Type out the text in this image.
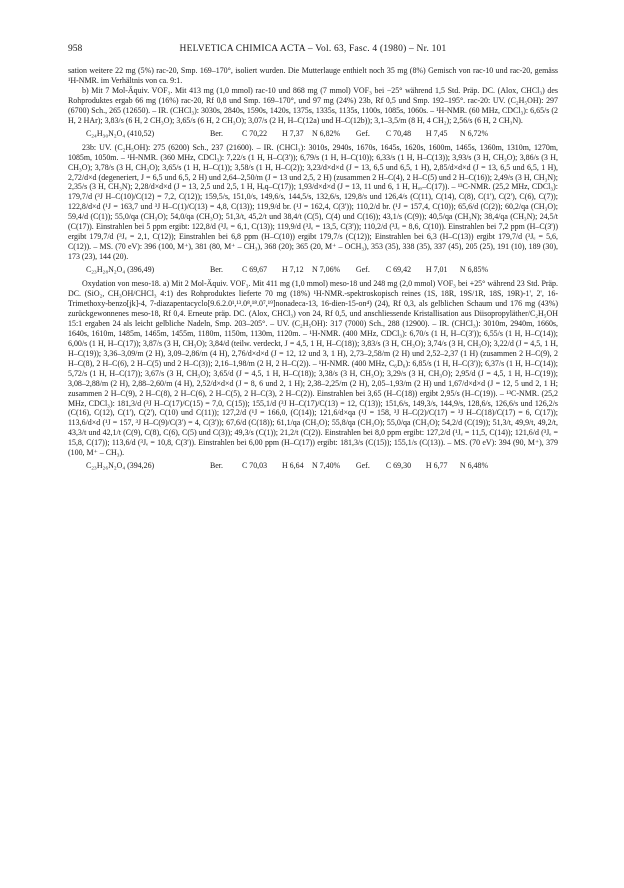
958	HELVETICA CHIMICA ACTA – Vol. 63, Fasc. 4 (1980) – Nr. 101

sation weitere 22 mg (5%) rac-20, Smp. 169–170°, isoliert wurden. Die Mutterlauge enthielt noch 35 mg (8%) Gemisch von rac-10 und rac-20, gemäss ¹H-NMR. im Verhältnis von ca. 9:1.

b) Mit 7 Mol-Äquiv. VOF₃. Mit 413 mg (1,0 mmol) rac-10 und 868 mg (7 mmol) VOF₃ bei −25° während 1,5 Std. Präp. DC. (Alox, CHCl₃) des Rohproduktes ergab 66 mg (16%) rac-20, Rf 0,8 und Smp. 169–170°, und 97 mg (24%) 23b, Rf 0,5 und Smp. 192–195°. rac-20: UV. (C₂H₅OH): 297 (6700) Sch., 265 (12650). – IR. (CHCl₃): 3030s, 2840s, 1590s, 1420s, 1375s, 1335s, 1135s, 1100s, 1085s, 1060s. – ¹H-NMR. (60 MHz, CDCl₃): 6,65/s (2 H, 2 HAr); 3,83/s (6 H, 2 CH₃O); 3,65/s (6 H, 2 CH₃O); 3,07/s (2 H, H–C(12a) und H–C(12b)); 3,1–3,5/m (8 H, 4 CH₂); 2,56/s (6 H, 2 CH₃N).

C₂₄H₃₀N₂O₄ (410,52)	Ber. C 70,22 H 7,37 N 6,82% Gef. C 70,48 H 7,45 N 6,72%

23b: UV. (C₂H₅OH): 275 (6200) Sch., 237 (21600). – IR. (CHCl₃): 3010s, 2940s, 1670s, 1645s, 1620s, 1600m, 1465s, 1360m, 1310m, 1270m, 1085m, 1050m. – ¹H-NMR. (360 MHz, CDCl₃): 7,22/s (1 H, H–C(3')); 6,79/s (1 H, H–C(10)); 6,33/s (1 H, H–C(13)); 3,93/s (3 H, CH₃O); 3,86/s (3 H, CH₃O); 3,78/s (3 H, CH₃O); 3,65/s (1 H, H–C(1)); 3,58/s (1 H, H–C(2)); 3,23/d×d×d (J = 13, 6,5 und 6,5, 1 H), 2,85/d×d×d (J = 13, 6,5 und 6,5, 1 H), 2,72/d×d (degeneriert, J = 6,5 und 6,5, 2 H) und 2,64–2,50/m (J = 13 und 2,5, 2 H) (zusammen 2 H–C(4), 2 H–C(5) und 2 H–C(16)); 2,49/s (3 H, CH₃N); 2,35/s (3 H, CH₃N); 2,28/d×d×d (J = 13, 2,5 und 2,5, 1 H, Hₑq–C(17)); 1,93/d×d×d (J = 13, 11 und 6, 1 H, Hₐₓ–C(17)). – ¹³C-NMR. (25,2 MHz, CDCl₃): 179,7/d (³J H–C(10)/C(12) = 7,2, C(12)); 159,5/s, 151,0/s, 149,6/s, 144,5/s, 132,6/s, 129,8/s und 126,4/s (C(11), C(14), C(8), C(1'), C(2'), C(6), C(7)); 122,8/d×d (¹J = 163,7 und ³J H–C(1)/C(13) = 4,8, C(13)); 119,9/d br. (¹J = 162,4, C(3')); 110,2/d br. (¹J = 157,4, C(10)); 65,6/d (C(2)); 60,2/qa (CH₃O); 59,4/d (C(1)); 55,0/qa (CH₃O); 54,0/qa (CH₃O); 51,3/t, 45,2/t und 38,4/t (C(5), C(4) und C(16)); 43,1/s (C(9)); 40,5/qa (CH₃N); 38,4/qa (CH₃N); 24,5/t (C(17)). Einstrahlen bei 5 ppm ergibt: 122,8/d (³Jₑ = 6,1, C(13)); 119,9/d (³Jₑ = 13,5, C(3')); 110,2/d (³Jₑ = 8,6, C(10)). Einstrahlen bei 7,2 ppm (H–C(3')) ergibt 179,7/d (³Jₑ = 2,1, C(12)); Einstrahlen bei 6,8 ppm (H–C(10)) ergibt 179,7/s (C(12)); Einstrahlen bei 6,3 (H–C(13)) ergibt 179,7/d (³Jₑ = 5,6, C(12)). – MS. (70 eV): 396 (100, M⁺), 381 (80, M⁺ – CH₃), 368 (20); 365 (20, M⁺ – OCH₃), 353 (35), 338 (35), 337 (45), 205 (25), 191 (10), 189 (30), 173 (23), 144 (20).

C₂₃H₂₈N₂O₄ (396,49)	Ber. C 69,67 H 7,12 N 7,06% Gef. C 69,42 H 7,01 N 6,85%

Oxydation von meso-18. a) Mit 2 Mol-Äquiv. VOF₃. Mit 411 mg (1,0 mmol) meso-18 und 248 mg (2,0 mmol) VOF₃ bei +25° während 23 Std. Präp. DC. (SiO₂, CH₃OH/CHCl₃ 4:1) des Rohproduktes lieferte 70 mg (18%) ¹H-NMR.-spektroskopisch reines (1S, 18R, 19S/1R, 18S, 19R)-1', 2', 16-Trimethoxy-benzo[jk]-4, 7-diazapentacyclo[9.6.2.0¹,¹³.0⁸,¹⁸.0⁷,¹⁹]nonadeca-13, 16-dien-15-on⁴) (24), Rf 0,3, als gelblichen Schaum und 176 mg (43%) zurückgewonnenes meso-18, Rf 0,4. Erneute präp. DC. (Alox, CHCl₃) von 24, Rf 0,5, und anschliessende Kristallisation aus Diisopropyläther/C₂H₅OH 15:1 ergaben 24 als leicht gelbliche Nadeln, Smp. 203–205°. – UV. (C₂H₅OH): 317 (7000) Sch., 288 (12900). – IR. (CHCl₃): 3010m, 2940m, 1660s, 1640s, 1610m, 1485m, 1465m, 1455m, 1180m, 1150m, 1130m, 1120m. – ¹H-NMR. (400 MHz, CDCl₃): 6,70/s (1 H, H–C(3')); 6,55/s (1 H, H–C(14)); 6,00/s (1 H, H–C(17)); 3,87/s (3 H, CH₃O); 3,84/d (teilw. verdeckt, J = 4,5, 1 H, H–C(18)); 3,83/s (3 H, CH₃O); 3,74/s (3 H, CH₃O); 3,22/d (J = 4,5, 1 H, H–C(19)); 3,36–3,09/m (2 H), 3,09–2,86/m (4 H), 2,76/d×d×d (J = 12, 12 und 3, 1 H), 2,73–2,58/m (2 H) und 2,52–2,37 (1 H) (zusammen 2 H–C(9), 2 H–C(8), 2 H–C(6), 2 H–C(5) und 2 H–C(3)); 2,16–1,98/m (2 H, 2 H–C(2)). – ¹H-NMR. (400 MHz, C₆D₆): 6,85/s (1 H, H–C(3')); 6,37/s (1 H, H–C(14)); 5,72/s (1 H, H–C(17)); 3,67/s (3 H, CH₃O); 3,65/d (J = 4,5, 1 H, H–C(18)); 3,38/s (3 H, CH₃O); 3,29/s (3 H, CH₃O); 2,95/d (J = 4,5, 1 H, H–C(19)); 3,08–2,88/m (2 H), 2,88–2,60/m (4 H), 2,52/d×d×d (J = 8, 6 und 2, 1 H); 2,38–2,25/m (2 H), 2,05–1,93/m (2 H) und 1,67/d×d×d (J = 12, 5 und 2, 1 H; zusammen 2 H–C(9), 2 H–C(8), 2 H–C(6), 2 H–C(5), 2 H–C(3), 2 H–C(2)). Einstrahlen bei 3,65 (H–C(18)) ergibt 2,95/s (H–C(19)). – ¹³C-NMR. (25,2 MHz, CDCl₃): 181,3/d (³J H–C(17)/C(15) = 7,0, C(15)); 155,1/d (³J H–C(17)/C(13) = 12, C(13)); 151,6/s, 149,3/s, 144,9/s, 128,6/s, 126,6/s und 126,2/s (C(16), C(12), C(1'), C(2'), C(10) und C(11)); 127,2/d (¹J = 166,0, (C(14)); 121,6/d×qa (¹J = 158, ³J H–C(2)/C(17) = ³J H–C(18)/C(17) = 6, C(17)); 113,6/d×d (¹J = 157, ³J H–C(9)/C(3') = 4, C(3')); 67,6/d (C(18)); 61,1/qa (CH₃O); 55,8/qa (CH₃O); 55,0/qa (CH₃O); 54,2/d (C(19)); 51,3/t, 49,9/t, 49,2/t, 43,3/t und 42,1/t (C(9), C(8), C(6), C(5) und C(3)); 49,3/s (C(1)); 21,2/t (C(2)). Einstrahlen bei 8,0 ppm ergibt: 127,2/d (¹Jₑ = 11,5, C(14)); 121,6/d (³Jₑ = 15,8, C(17)); 113,6/d (³Jₑ = 10,8, C(3')). Einstrahlen bei 6,00 ppm (H–C(17)) ergibt: 181,3/s (C(15)); 155,1/s (C(13)). – MS. (70 eV): 394 (90, M⁺), 379 (100, M⁺ – CH₃).

C₂₃H₂₆N₂O₄ (394,26)	Ber. C 70,03 H 6,64 N 7,40% Gef. C 69,30 H 6,77 N 6,48%
